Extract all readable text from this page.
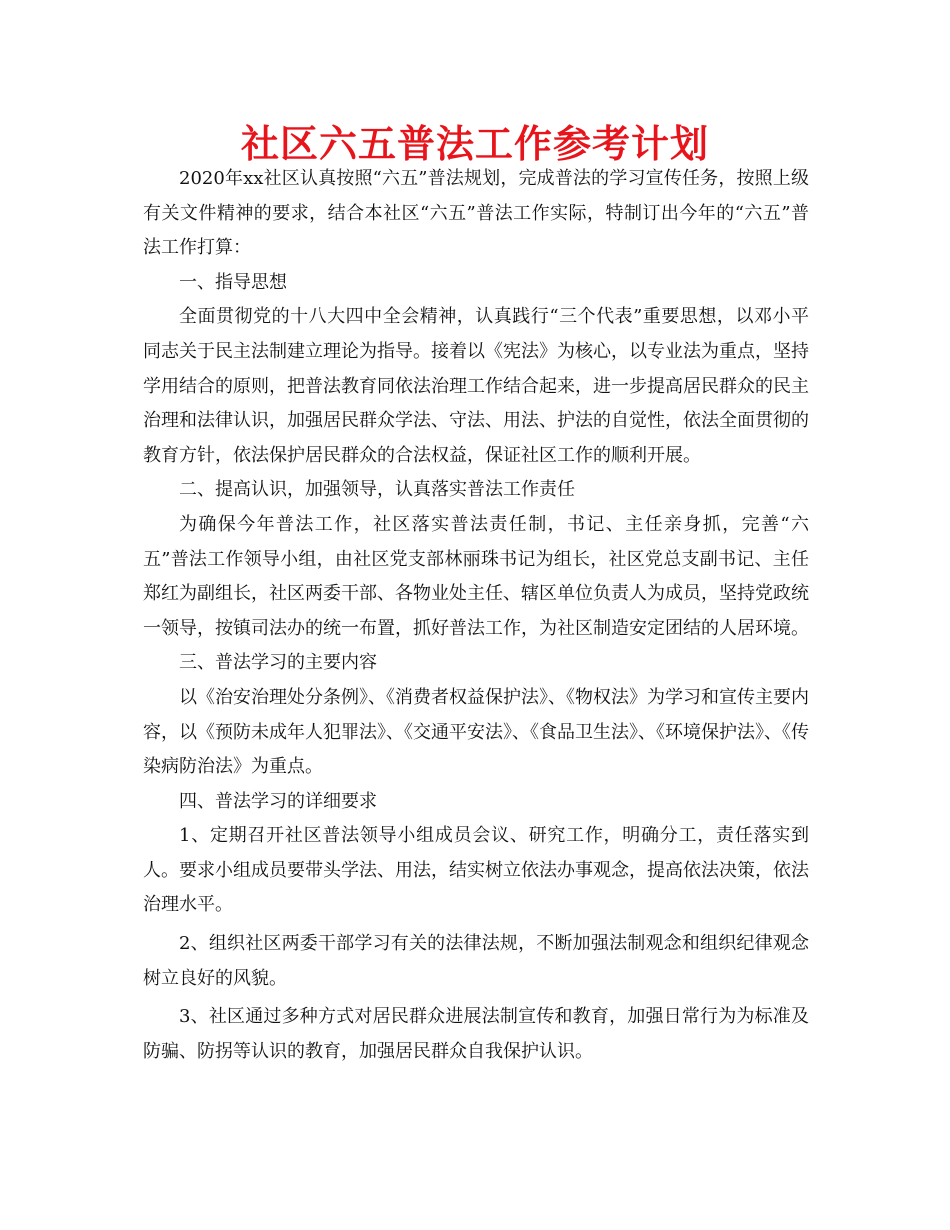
社区六五普法工作参考计划

2020年xx社区认真按照“六五”普法规划，完成普法的学习宣传任务，按照上级有关文件精神的要求，结合本社区“六五”普法工作实际，特制订出今年的“六五”普法工作打算：

一、指导思想

全面贯彻党的十八大四中全会精神，认真践行“三个代表”重要思想，以邓小平同志关于民主法制建立理论为指导。接着以《宪法》为核心，以专业法为重点，坚持学用结合的原则，把普法教育同依法治理工作结合起来，进一步提高居民群众的民主治理和法律认识，加强居民群众学法、守法、用法、护法的自觉性，依法全面贯彻的教育方针，依法保护居民群众的合法权益，保证社区工作的顺利开展。

二、提高认识，加强领导，认真落实普法工作责任

为确保今年普法工作，社区落实普法责任制，书记、主任亲身抓，完善“六五”普法工作领导小组，由社区党支部林丽珠书记为组长，社区党总支副书记、主任郑红为副组长，社区两委干部、各物业处主任、辖区单位负责人为成员，坚持党政统一领导，按镇司法办的统一布置，抓好普法工作，为社区制造安定团结的人居环境。

三、普法学习的主要内容

以《治安治理处分条例》、《消费者权益保护法》、《物权法》为学习和宣传主要内容，以《预防未成年人犯罪法》、《交通平安法》、《食品卫生法》、《环境保护法》、《传染病防治法》为重点。

四、普法学习的详细要求

1、定期召开社区普法领导小组成员会议、研究工作，明确分工，责任落实到人。要求小组成员要带头学法、用法，结实树立依法办事观念，提高依法决策，依法治理水平。

2、组织社区两委干部学习有关的法律法规，不断加强法制观念和组织纪律观念树立良好的风貌。

3、社区通过多种方式对居民群众进展法制宣传和教育，加强日常行为为标准及防骗、防拐等认识的教育，加强居民群众自我保护认识。
